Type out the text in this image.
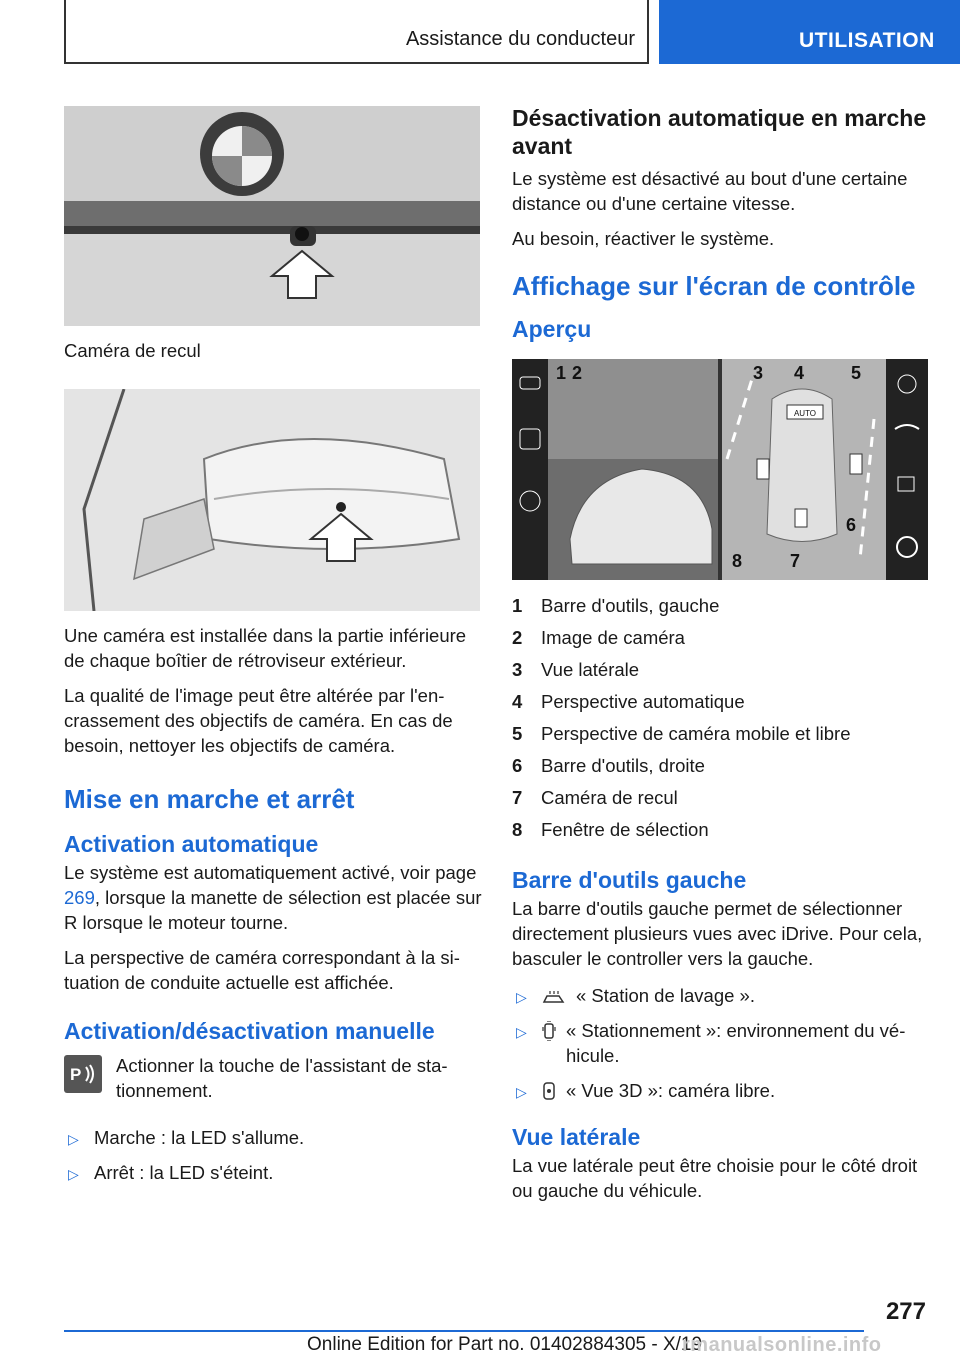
Assistance du conducteur	UTILISATION

Caméra de recul

Une caméra est installée dans la partie inférieure de chaque boîtier de rétroviseur extérieur.

La qualité de l'image peut être altérée par l'encrassement des objectifs de caméra. En cas de besoin, nettoyer les objectifs de caméra.

Mise en marche et arrêt
Activation automatique

Le système est automatiquement activé, voir page 269, lorsque la manette de sélection est placée sur R lorsque le moteur tourne.

La perspective de caméra correspondant à la situation de conduite actuelle est affichée.

Activation/désactivation manuelle
P Actionner la touche de l'assistant de stationnement.

▷ Marche : la LED s'allume.
▷ Arrêt : la LED s'éteint.
Désactivation automatique en marche avant

Le système est désactivé au bout d'une certaine distance ou d'une certaine vitesse.

Au besoin, réactiver le système.

Affichage sur l'écran de contrôle
Aperçu
AUTO
1 2	3 4	5
6
7
8
1	Barre d'outils, gauche
2	Image de caméra
3	Vue latérale
4	Perspective automatique
5	Perspective de caméra mobile et libre
6	Barre d'outils, droite
7	Caméra de recul
8	Fenêtre de sélection
Barre d'outils gauche

La barre d'outils gauche permet de sélectionner directement plusieurs vues avec iDrive. Pour cela, basculer le controller vers la gauche.

▷	« Station de lavage ».
▷ « Stationnement »: environnement du véhicule.
▷ « Vue 3D »: caméra libre.
Vue latérale

La vue latérale peut être choisie pour le côté droit ou gauche du véhicule.

277
Online Edition for Part no. 01402884305 - X/19
rmanualsonline.info
